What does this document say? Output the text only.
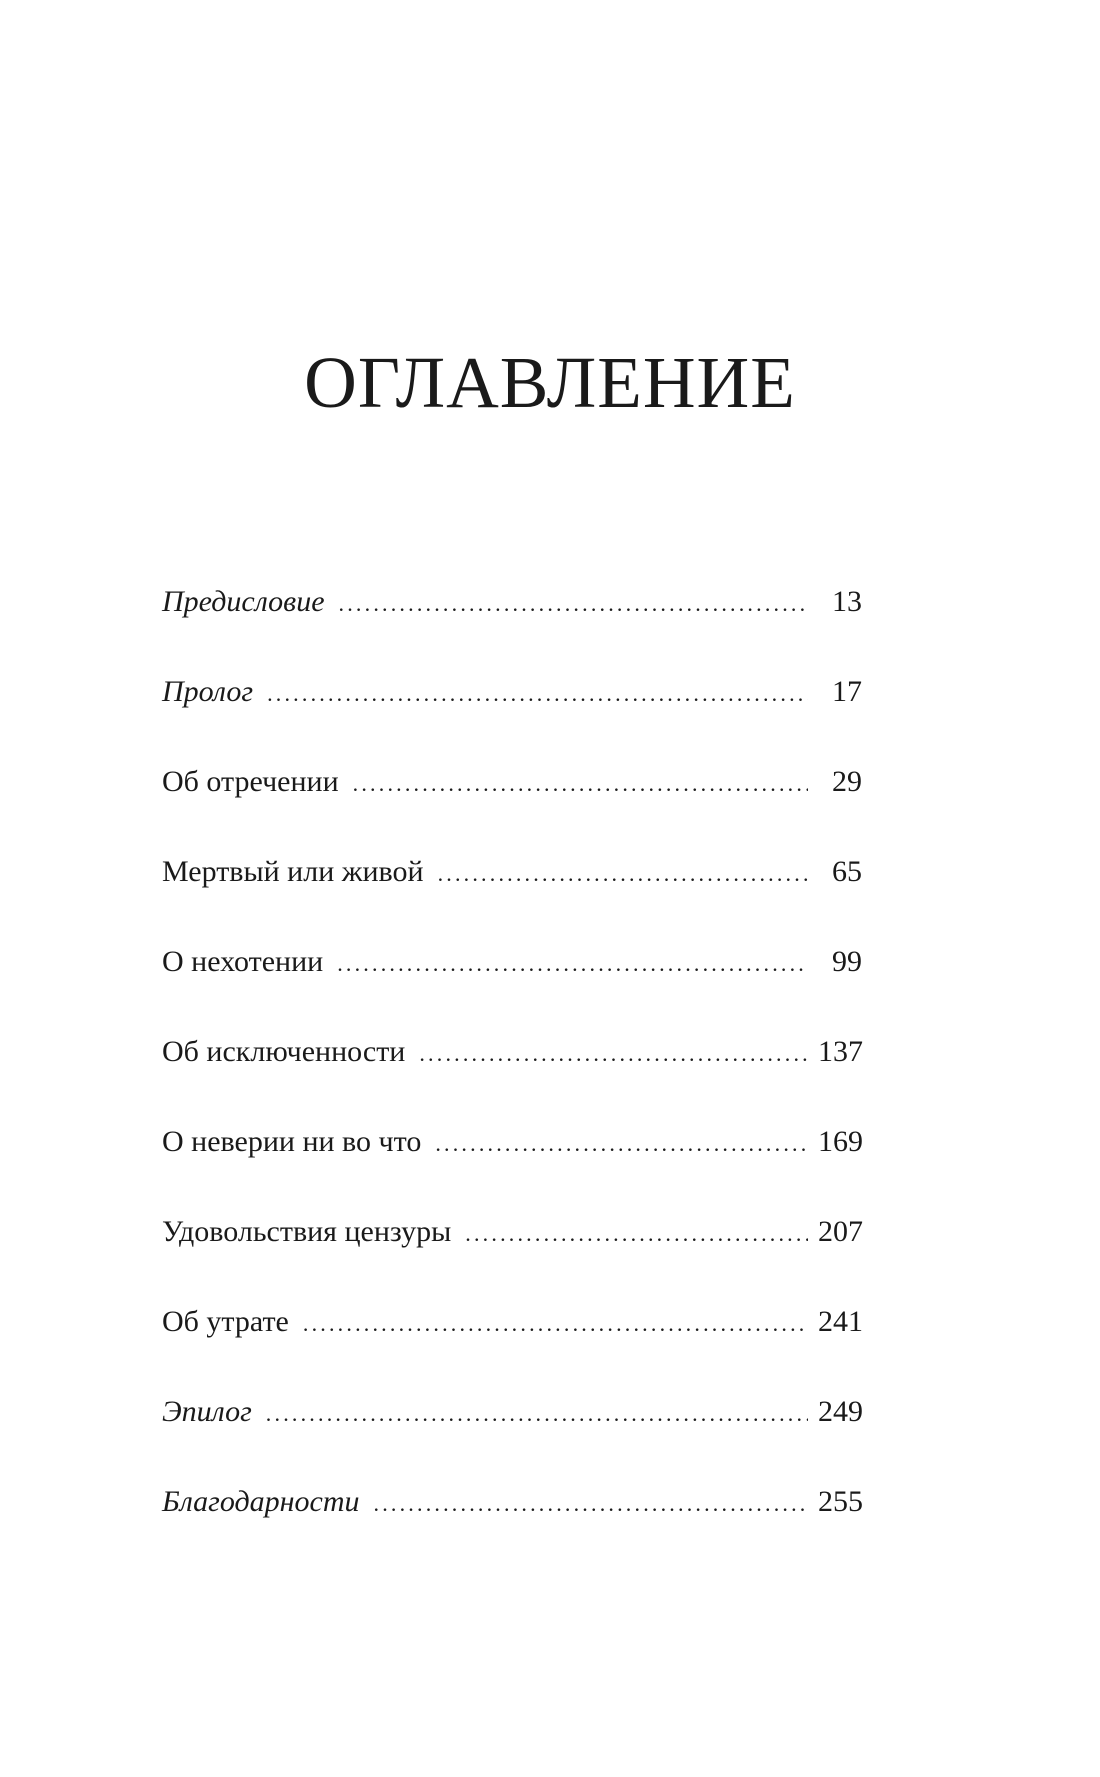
ОГЛАВЛЕНИЕ
Предисловие .....	13
Пролог .....	17
Об отречении .....	29
Мертвый или живой .....	65
О нехотении .....	99
Об исключенности .....	137
О неверии ни во что .....	169
Удовольствия цензуры .....	207
Об утрате .....	241
Эпилог .....	249
Благодарности .....	255
